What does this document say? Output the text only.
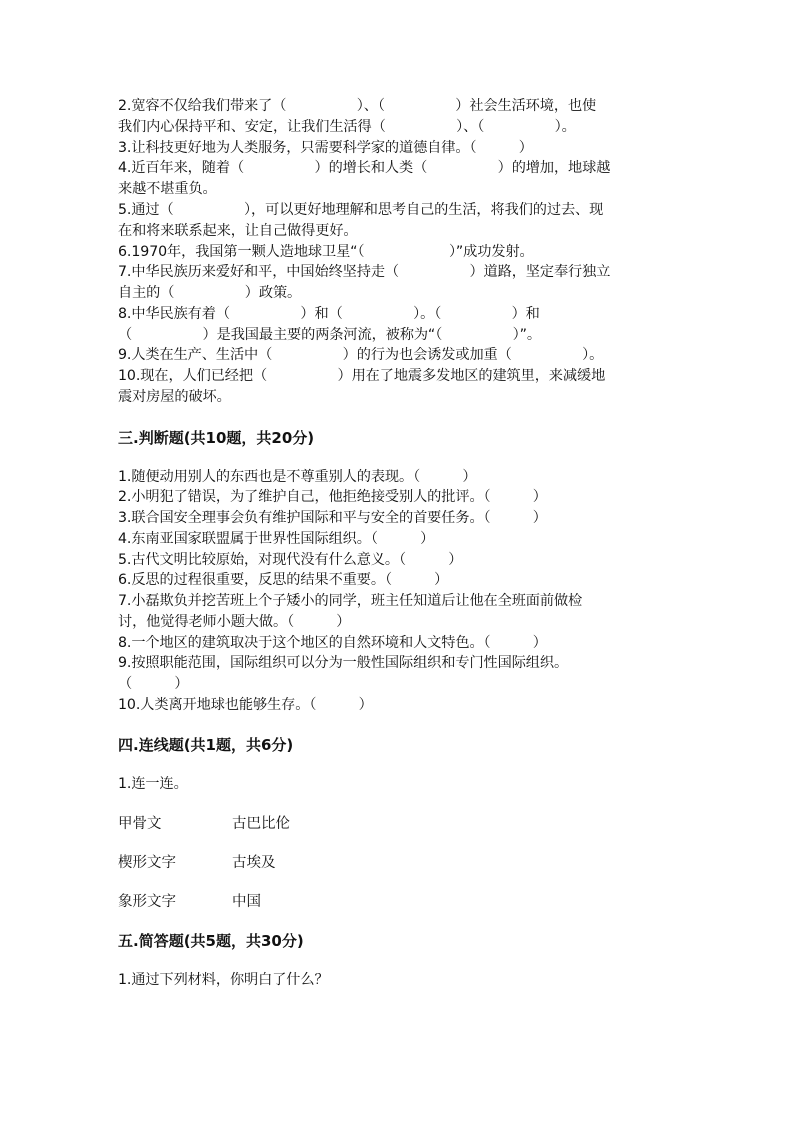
2.宽容不仅给我们带来了（　　　　　）、（　　　　　）社会生活环境，也使
我们内心保持平和、安定，让我们生活得（　　　　　）、（　　　　　）。
3.让科技更好地为人类服务，只需要科学家的道德自律。（　　　）
4.近百年来，随着（　　　　　）的增长和人类（　　　　　）的增加，地球越
来越不堪重负。
5.通过（　　　　　），可以更好地理解和思考自己的生活，将我们的过去、现
在和将来联系起来，让自己做得更好。
6.1970年，我国第一颗人造地球卫星“（　　　　　　）”成功发射。
7.中华民族历来爱好和平，中国始终坚持走（　　　　　）道路，坚定奉行独立
自主的（　　　　　）政策。
8.中华民族有着（　　　　　）和（　　　　　）。（　　　　　）和
（　　　　　）是我国最主要的两条河流，被称为“（　　　　　）”。
9.人类在生产、生活中（　　　　　）的行为也会诱发或加重（　　　　　）。
10.现在，人们已经把（　　　　　）用在了地震多发地区的建筑里，来减缓地
震对房屋的破坏。
三.判断题(共10题，共20分)
1.随便动用别人的东西也是不尊重别人的表现。（　　　）
2.小明犯了错误，为了维护自己，他拒绝接受别人的批评。（　　　）
3.联合国安全理事会负有维护国际和平与安全的首要任务。（　　　）
4.东南亚国家联盟属于世界性国际组织。（　　　）
5.古代文明比较原始，对现代没有什么意义。（　　　）
6.反思的过程很重要，反思的结果不重要。（　　　）
7.小磊欺负并挖苦班上个子矮小的同学，班主任知道后让他在全班面前做检
讨，他觉得老师小题大做。（　　　）
8.一个地区的建筑取决于这个地区的自然环境和人文特色。（　　　）
9.按照职能范围，国际组织可以分为一般性国际组织和专门性国际组织。
（　　　）
10.人类离开地球也能够生存。（　　　）
四.连线题(共1题，共6分)
1.连一连。
甲骨文	古巴比伦
楔形文字	古埃及
象形文字	中国
五.简答题(共5题，共30分)
1.通过下列材料，你明白了什么？
